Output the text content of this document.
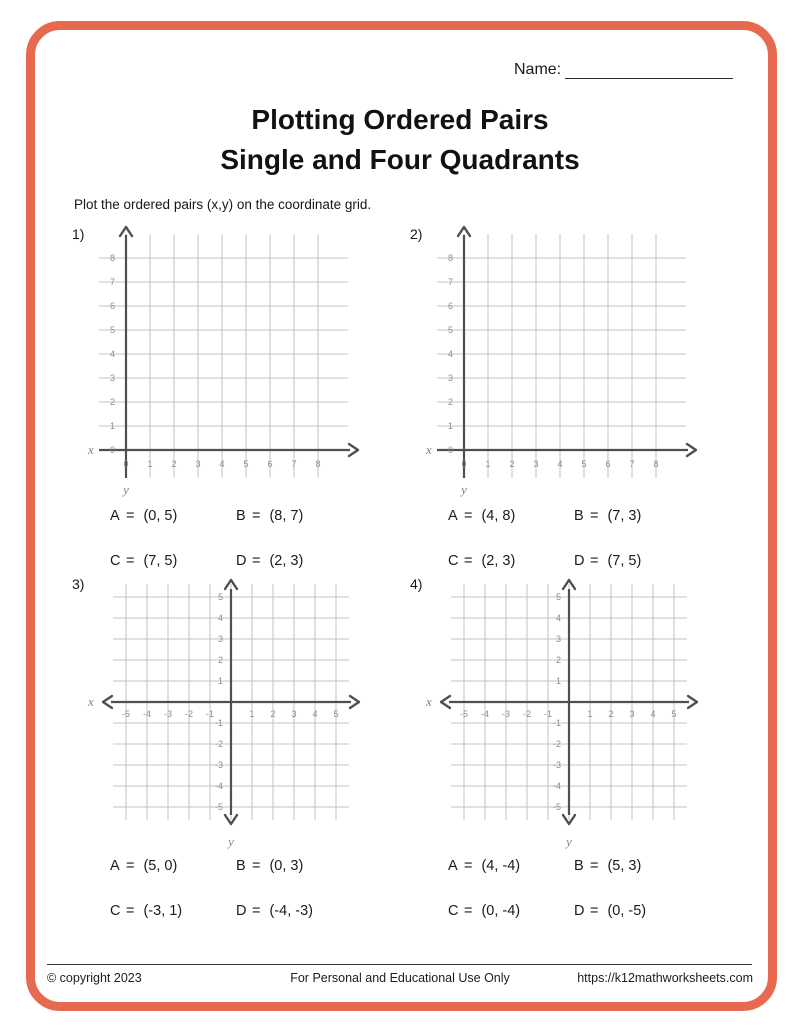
Name:
Plotting Ordered Pairs
Single and Four Quadrants
Plot the ordered pairs (x,y) on the coordinate grid.
1)
0 1 2 3 4 5 6 7 8
0
1
2
3
4
5
6
7
8
x
y
A = (0, 5)	B = (8, 7)
C = (7, 5)	D = (2, 3)
2)
0 1 2 3 4 5 6 7 8
0
1
2
3
4
5
6
7
8
x
y
A = (4, 8)	B = (7, 3)
C = (2, 3)	D = (7, 5)
3)
-5 -4 -3 -2 -1	1 2 3 4 5
-5
-4
-3
-2
-1
1
2
3
4
5
x
y
A = (5, 0)	B = (0, 3)
C = (-3, 1)	D = (-4, -3)
4)
-5 -4 -3 -2 -1	1 2 3 4 5
-5
-4
-3
-2
-1
1
2
3
4
5
x
y
A = (4, -4)	B = (5, 3)
C = (0, -4)	D = (0, -5)
© copyright 2023	For Personal and Educational Use Only	https://k12mathworksheets.com
